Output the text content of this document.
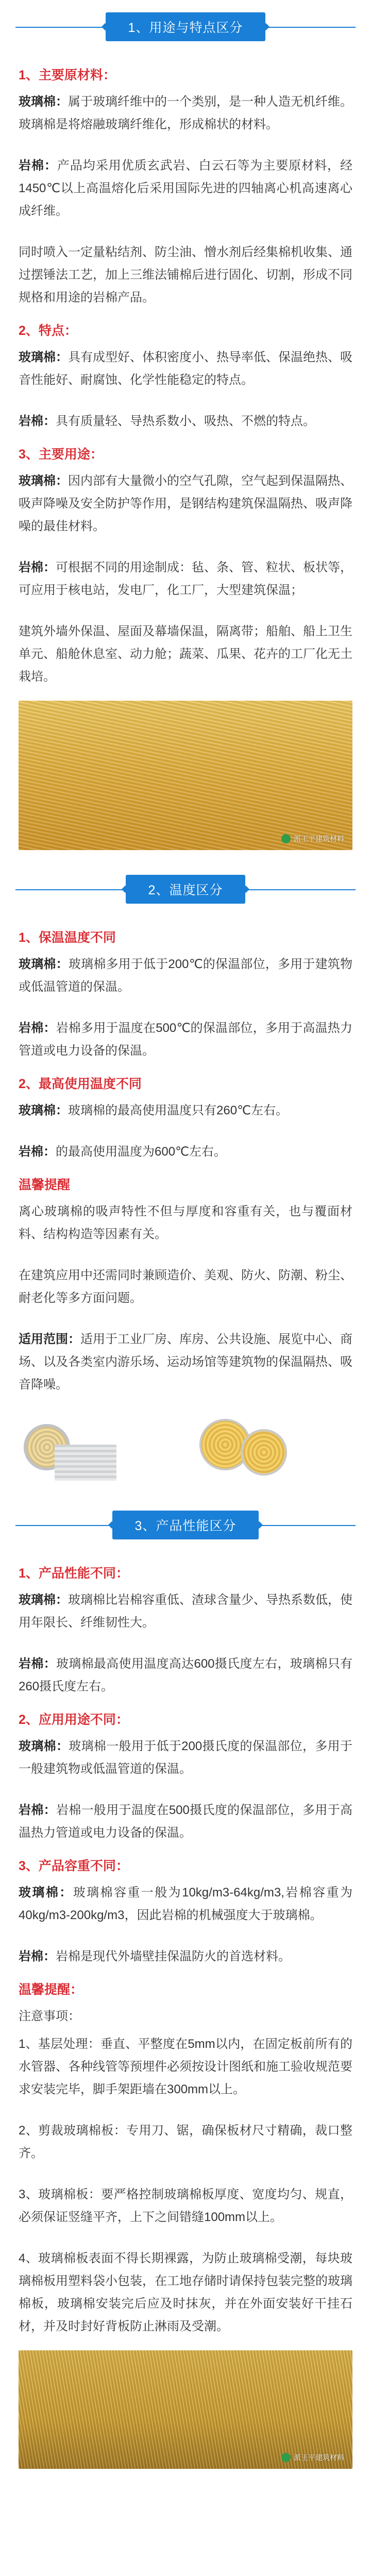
1、用途与特点区分
1、主要原材料：

玻璃棉：属于玻璃纤维中的一个类别，是一种人造无机纤维。玻璃棉是将熔融玻璃纤维化，形成棉状的材料。

岩棉：产品均采用优质玄武岩、白云石等为主要原材料，经1450℃以上高温熔化后采用国际先进的四轴离心机高速离心成纤维。

同时喷入一定量粘结剂、防尘油、憎水剂后经集棉机收集、通过摆锤法工艺，加上三维法铺棉后进行固化、切割，形成不同规格和用途的岩棉产品。

2、特点：

玻璃棉：具有成型好、体积密度小、热导率低、保温绝热、吸音性能好、耐腐蚀、化学性能稳定的特点。

岩棉：具有质量轻、导热系数小、吸热、不燃的特点。

3、主要用途：

玻璃棉：因内部有大量微小的空气孔隙，空气起到保温隔热、吸声降噪及安全防护等作用，是钢结构建筑保温隔热、吸声降噪的最佳材料。

岩棉：可根据不同的用途制成：毡、条、管、粒状、板状等，可应用于核电站，发电厂，化工厂，大型建筑保温；

建筑外墙外保温、屋面及幕墙保温，隔离带；船舶、船上卫生单元、船舱休息室、动力舱；蔬菜、瓜果、花卉的工厂化无土栽培。

派王平建筑材料
2、温度区分
1、保温温度不同

玻璃棉：玻璃棉多用于低于200℃的保温部位，多用于建筑物或低温管道的保温。

岩棉：岩棉多用于温度在500℃的保温部位，多用于高温热力管道或电力设备的保温。

2、最高使用温度不同

玻璃棉：玻璃棉的最高使用温度只有260℃左右。

岩棉：的最高使用温度为600℃左右。

温馨提醒

离心玻璃棉的吸声特性不但与厚度和容重有关，也与覆面材料、结构构造等因素有关。

在建筑应用中还需同时兼顾造价、美观、防火、防潮、粉尘、耐老化等多方面问题。

适用范围：适用于工业厂房、库房、公共设施、展览中心、商场、以及各类室内游乐场、运动场馆等建筑物的保温隔热、吸音降噪。

3、产品性能区分
1、产品性能不同：

玻璃棉：玻璃棉比岩棉容重低、渣球含量少、导热系数低，使用年限长、纤维韧性大。

岩棉：玻璃棉最高使用温度高达600摄氏度左右，玻璃棉只有260摄氏度左右。

2、应用用途不同：

玻璃棉：玻璃棉一般用于低于200摄氏度的保温部位，多用于一般建筑物或低温管道的保温。

岩棉：岩棉一般用于温度在500摄氏度的保温部位，多用于高温热力管道或电力设备的保温。

3、产品容重不同：

玻璃棉：玻璃棉容重一般为10kg/m3-64kg/m3,岩棉容重为40kg/m3-200kg/m3，因此岩棉的机械强度大于玻璃棉。

岩棉：岩棉是现代外墙壁挂保温防火的首选材料。

温馨提醒：

注意事项：

1、基层处理：垂直、平整度在5mm以内，在固定板前所有的水管器、各种线管等预埋件必须按设计图纸和施工验收规范要求安装完毕，脚手架距墙在300mm以上。

2、剪裁玻璃棉板：专用刀、锯，确保板材尺寸精确，裁口整齐。

3、玻璃棉板：要严格控制玻璃棉板厚度、宽度均匀、规直，必须保证竖缝平齐，上下之间错缝100mm以上。

4、玻璃棉板表面不得长期裸露，为防止玻璃棉受潮，每块玻璃棉板用塑料袋小包装，在工地存储时请保持包装完整的玻璃棉板，玻璃棉安装完后应及时抹灰，并在外面安装好干挂石材，并及时封好背板防止淋雨及受潮。

派王平建筑材料
